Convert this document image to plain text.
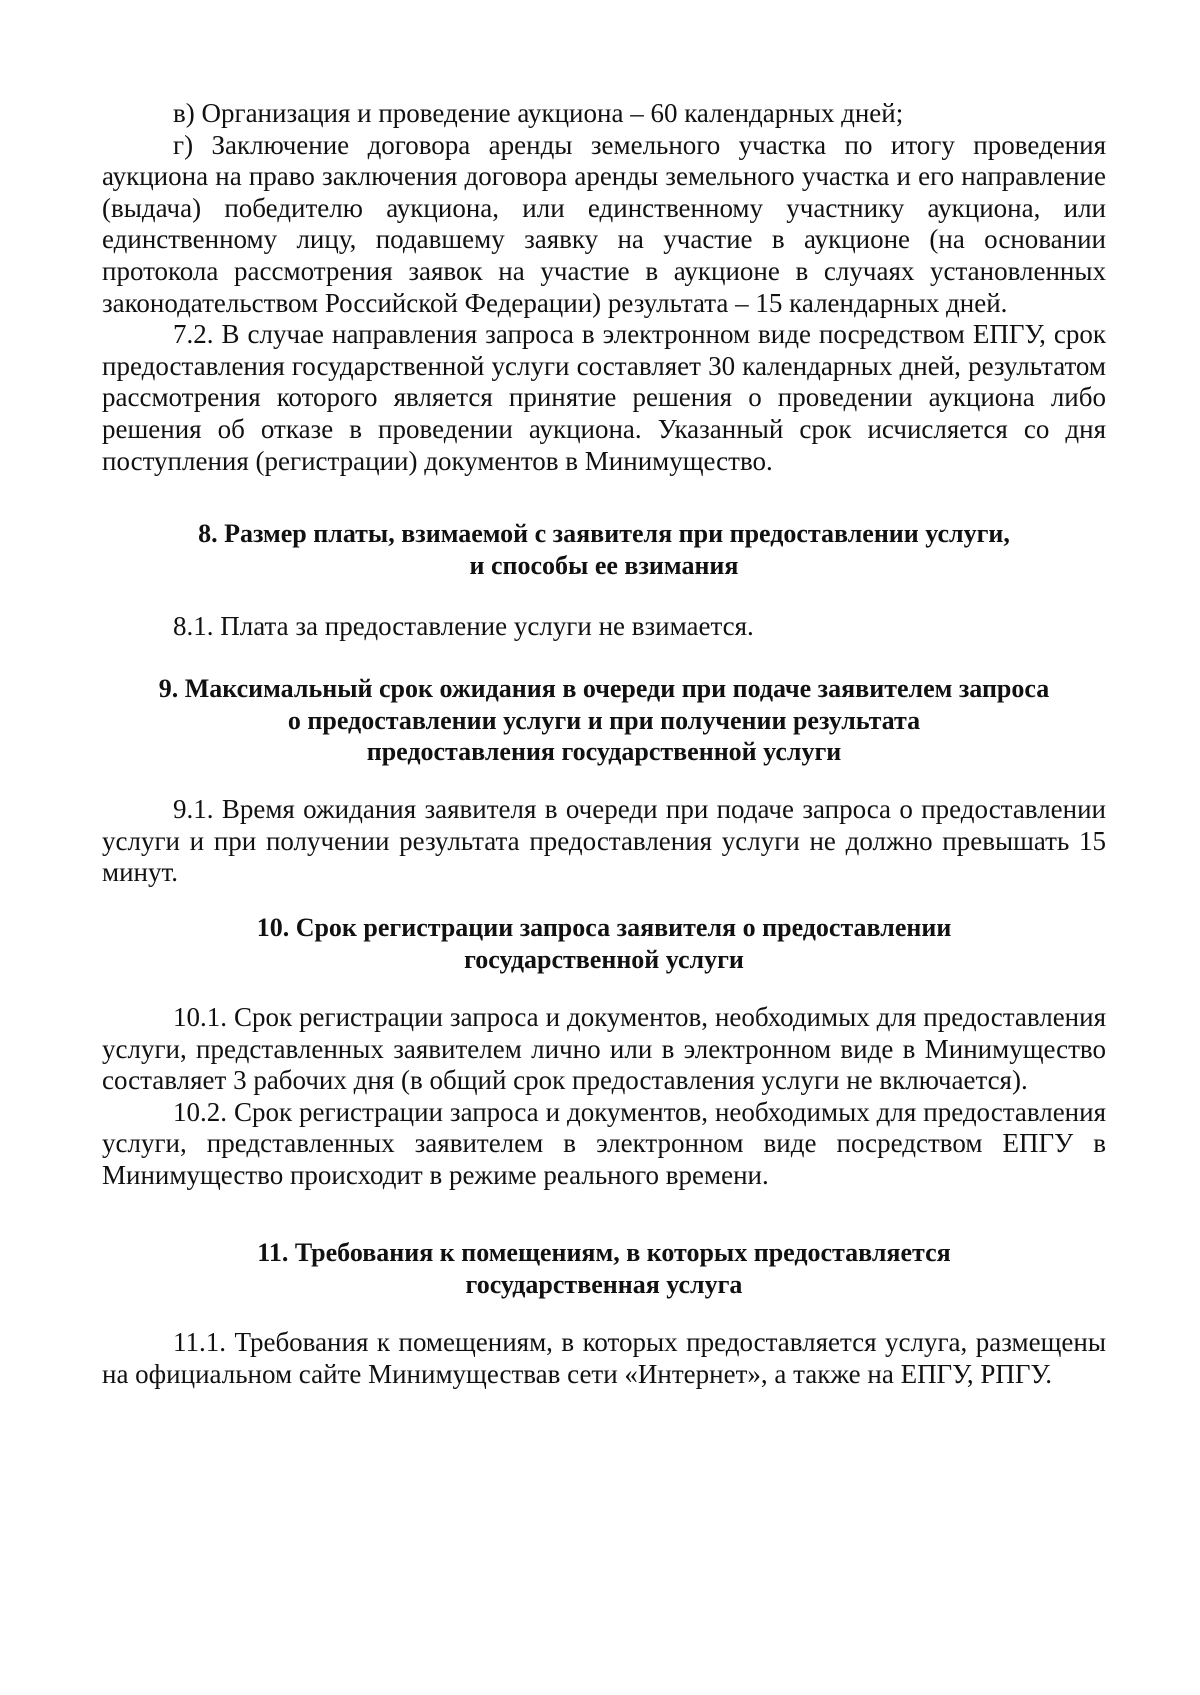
в) Организация и проведение аукциона – 60 календарных дней;

г) Заключение договора аренды земельного участка по итогу проведения аукциона на право заключения договора аренды земельного участка и его направление (выдача) победителю аукциона, или единственному участнику аукциона, или единственному лицу, подавшему заявку на участие в аукционе (на основании протокола рассмотрения заявок на участие в аукционе в случаях установленных законодательством Российской Федерации) результата – 15 календарных дней.

7.2. В случае направления запроса в электронном виде посредством ЕПГУ, срок предоставления государственной услуги составляет 30 календарных дней, результатом рассмотрения которого является принятие решения о проведении аукциона либо решения об отказе в проведении аукциона. Указанный срок исчисляется со дня поступления (регистрации) документов в Минимущество.

8. Размер платы, взимаемой с заявителя при предоставлении услуги,
и способы ее взимания

8.1. Плата за предоставление услуги не взимается.

9. Максимальный срок ожидания в очереди при подаче заявителем запроса
о предоставлении услуги и при получении результата
предоставления государственной услуги

9.1. Время ожидания заявителя в очереди при подаче запроса о предоставлении услуги и при получении результата предоставления услуги не должно превышать 15 минут.

10. Срок регистрации запроса заявителя о предоставлении
государственной услуги

10.1. Срок регистрации запроса и документов, необходимых для предоставления услуги, представленных заявителем лично или в электронном виде в Минимущество составляет 3 рабочих дня (в общий срок предоставления услуги не включается).

10.2. Срок регистрации запроса и документов, необходимых для предоставления услуги, представленных заявителем в электронном виде посредством ЕПГУ в Минимущество происходит в режиме реального времени.

11. Требования к помещениям, в которых предоставляется
государственная услуга

11.1. Требования к помещениям, в которых предоставляется услуга, размещены на официальном сайте Минимуществав сети «Интернет», а также на ЕПГУ, РПГУ.
